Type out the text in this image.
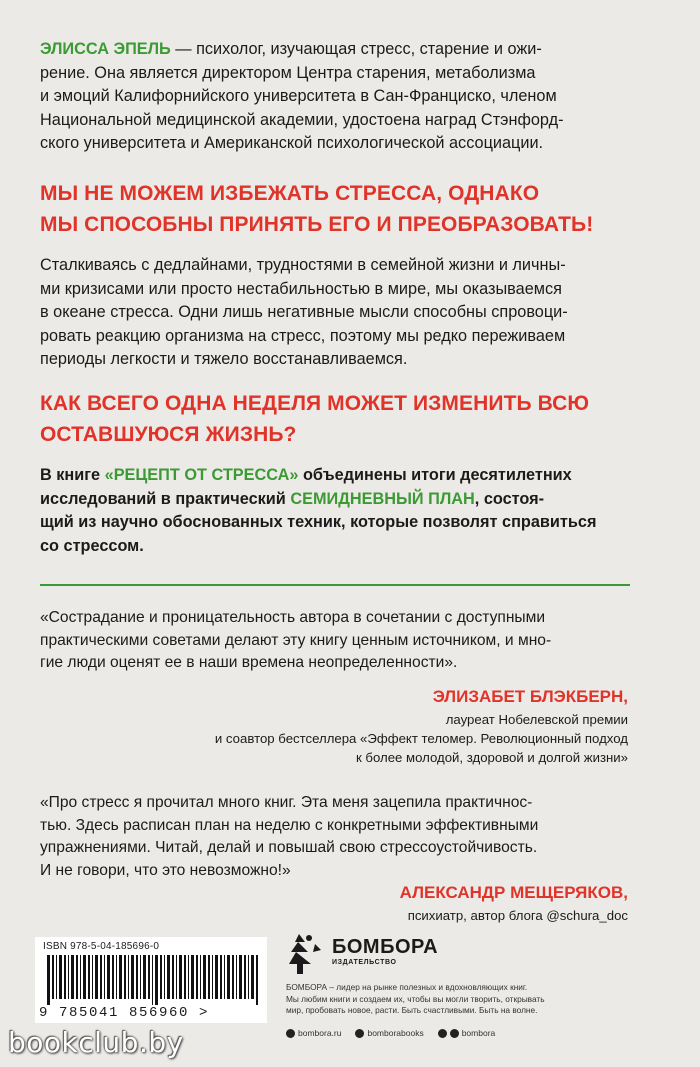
ЭЛИССА ЭПЕЛЬ — психолог, изучающая стресс, старение и ожи-
рение. Она является директором Центра старения, метаболизма
и эмоций Калифорнийского университета в Сан-Франциско, членом
Национальной медицинской академии, удостоена наград Стэнфорд-
ского университета и Американской психологической ассоциации.

МЫ НЕ МОЖЕМ ИЗБЕЖАТЬ СТРЕССА, ОДНАКО
МЫ СПОСОБНЫ ПРИНЯТЬ ЕГО И ПРЕОБРАЗОВАТЬ!

Сталкиваясь с дедлайнами, трудностями в семейной жизни и личны-
ми кризисами или просто нестабильностью в мире, мы оказываемся
в океане стресса. Одни лишь негативные мысли способны спровоци-
ровать реакцию организма на стресс, поэтому мы редко переживаем
периоды легкости и тяжело восстанавливаемся.

КАК ВСЕГО ОДНА НЕДЕЛЯ МОЖЕТ ИЗМЕНИТЬ ВСЮ
ОСТАВШУЮСЯ ЖИЗНЬ?

В книге «РЕЦЕПТ ОТ СТРЕССА» объединены итоги десятилетних
исследований в практический СЕМИДНЕВНЫЙ ПЛАН, состоя-
щий из научно обоснованных техник, которые позволят справиться
со стрессом.

«Сострадание и проницательность автора в сочетании с доступными
практическими советами делают эту книгу ценным источником, и мно-
гие люди оценят ее в наши времена неопределенности».

ЭЛИЗАБЕТ БЛЭКБЕРН,

лауреат Нобелевской премии

и соавтор бестселлера «Эффект теломер. Революционный подход

к более молодой, здоровой и долгой жизни»

«Про стресс я прочитал много книг. Эта меня зацепила практичнос-
тью. Здесь расписан план на неделю с конкретными эффективными
упражнениями. Читай, делай и повышай свою стрессоустойчивость.
И не говори, что это невозможно!»

АЛЕКСАНДР МЕЩЕРЯКОВ,

психиатр, автор блога @schura_doc

ISBN 978-5-04-185696-0
9 785041 856960 >
БОМБОРА
ИЗДАТЕЛЬСТВО
БОМБОРА – лидер на рынке полезных и вдохновляющих книг.
Мы любим книги и создаем их, чтобы вы могли творить, открывать
мир, пробовать новое, расти. Быть счастливыми. Быть на волне.
bombora.ru	bomborabooks	bombora
bookclub.by
